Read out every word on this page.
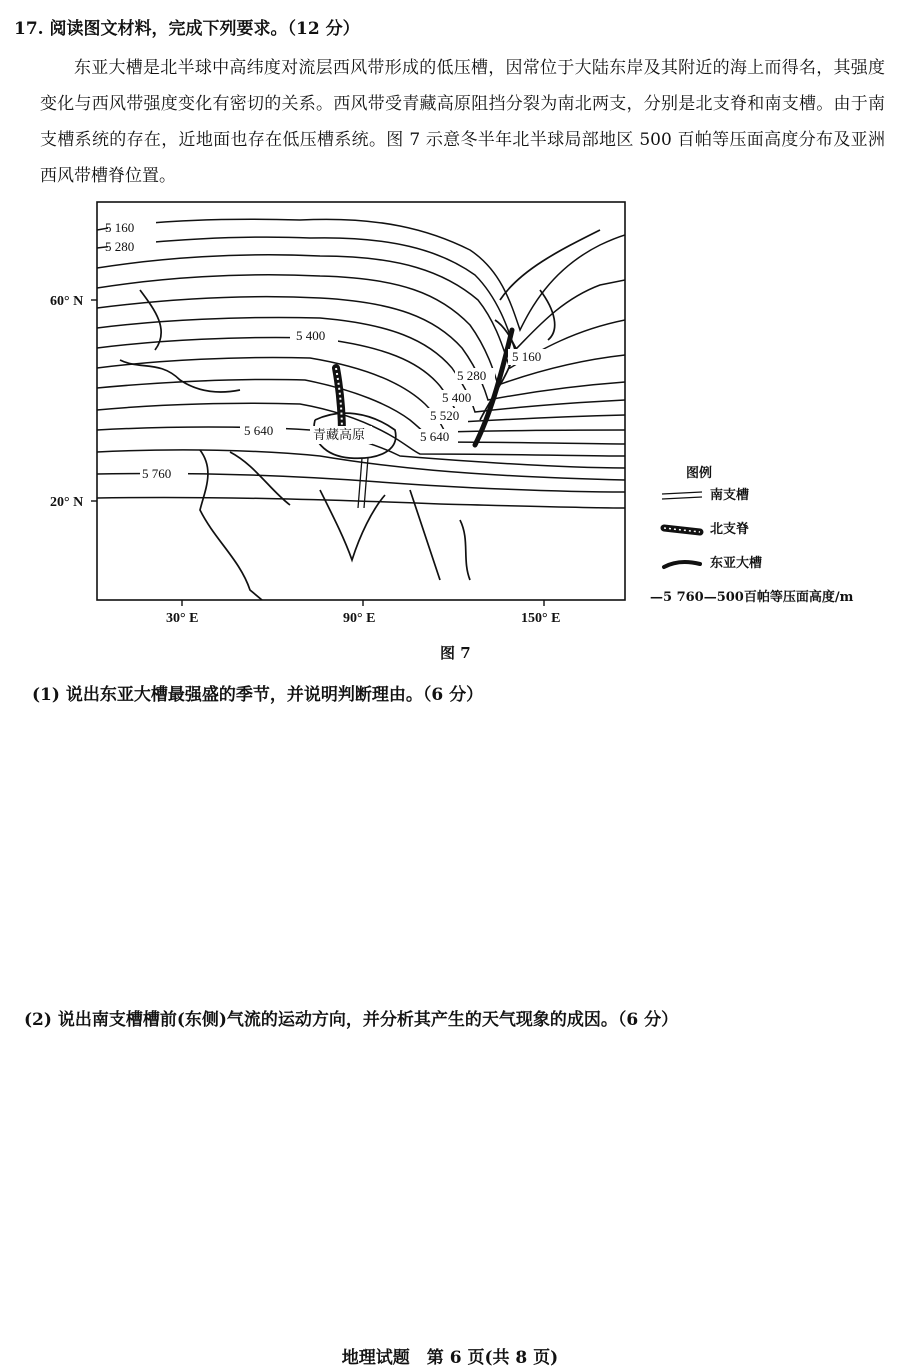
17. 阅读图文材料，完成下列要求。（12 分）
东亚大槽是北半球中高纬度对流层西风带形成的低压槽，因常位于大陆东岸及其附近的海上而得名，其强度变化与西风带强度变化有密切的关系。西风带受青藏高原阻挡分裂为南北两支，分别是北支脊和南支槽。由于南支槽系统的存在，近地面也存在低压槽系统。图 7 示意冬半年北半球局部地区 500 百帕等压面高度分布及亚洲西风带槽脊位置。
5 160
5 280
5 400
5 640
5 760
5 280
5 400
5 520
5 640
5 160
青藏高原
60° N
20° N
30° E	90° E	150° E
图例
南支槽
北支脊
东亚大槽
—5 760—500百帕等压面高度/m
图 7
(1) 说出东亚大槽最强盛的季节，并说明判断理由。（6 分）
(2) 说出南支槽槽前(东侧)气流的运动方向，并分析其产生的天气现象的成因。（6 分）
地理试题　第 6 页(共 8 页)
